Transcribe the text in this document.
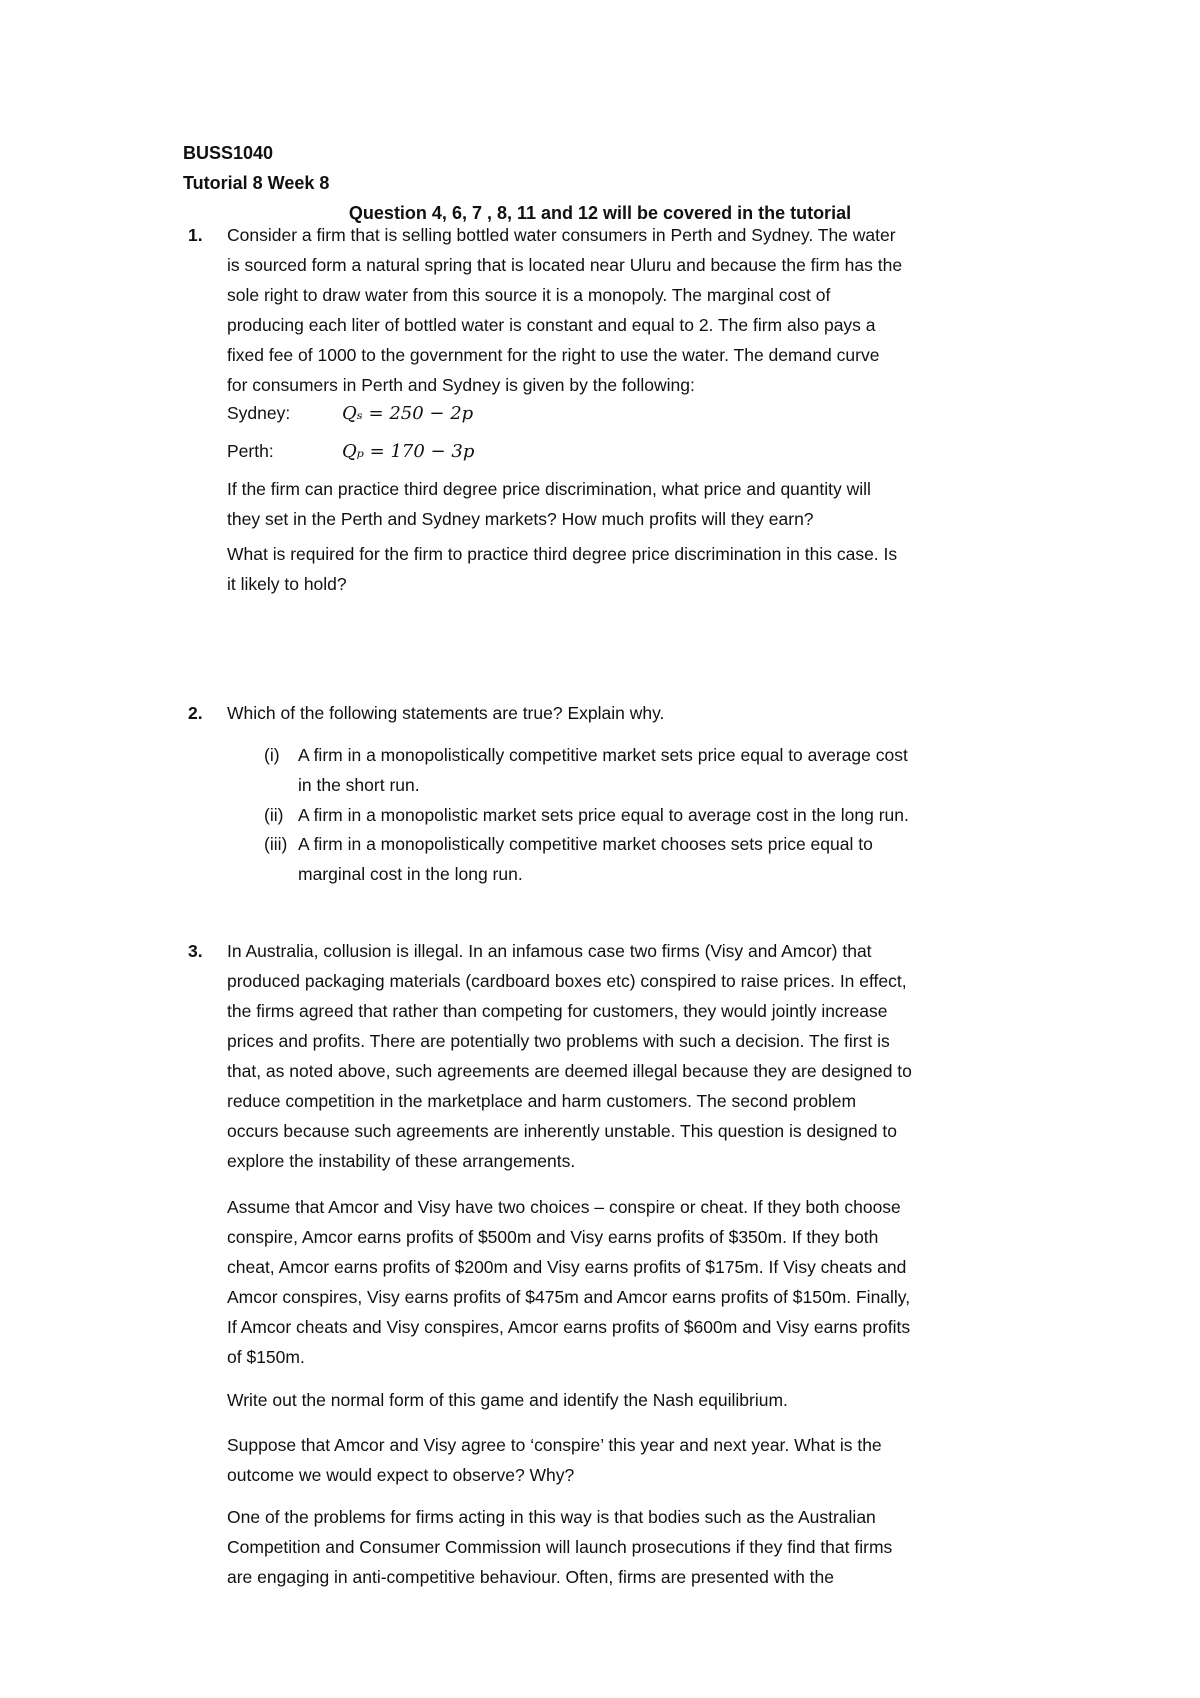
BUSS1040
Tutorial 8 Week 8
Question 4, 6, 7 , 8, 11 and 12 will be covered in the tutorial
1. Consider a firm that is selling bottled water consumers in Perth and Sydney. The water
is sourced form a natural spring that is located near Uluru and because the firm has the
sole right to draw water from this source it is a monopoly. The marginal cost of
producing each liter of bottled water is constant and equal to 2. The firm also pays a
fixed fee of 1000 to the government for the right to use the water. The demand curve
for consumers in Perth and Sydney is given by the following:
Sydney:	Qₛ = 250 − 2p
Perth:	Qₚ = 170 − 3p
If the firm can practice third degree price discrimination, what price and quantity will
they set in the Perth and Sydney markets? How much profits will they earn?
What is required for the firm to practice third degree price discrimination in this case. Is
it likely to hold?
2. Which of the following statements are true? Explain why.
(i)	A firm in a monopolistically competitive market sets price equal to average cost
in the short run.
(ii) A firm in a monopolistic market sets price equal to average cost in the long run.
(iii) A firm in a monopolistically competitive market chooses sets price equal to
marginal cost in the long run.
3. In Australia, collusion is illegal. In an infamous case two firms (Visy and Amcor) that
produced packaging materials (cardboard boxes etc) conspired to raise prices. In effect,
the firms agreed that rather than competing for customers, they would jointly increase
prices and profits. There are potentially two problems with such a decision. The first is
that, as noted above, such agreements are deemed illegal because they are designed to
reduce competition in the marketplace and harm customers. The second problem
occurs because such agreements are inherently unstable. This question is designed to
explore the instability of these arrangements.
Assume that Amcor and Visy have two choices – conspire or cheat. If they both choose
conspire, Amcor earns profits of $500m and Visy earns profits of $350m. If they both
cheat, Amcor earns profits of $200m and Visy earns profits of $175m. If Visy cheats and
Amcor conspires, Visy earns profits of $475m and Amcor earns profits of $150m. Finally,
If Amcor cheats and Visy conspires, Amcor earns profits of $600m and Visy earns profits
of $150m.
Write out the normal form of this game and identify the Nash equilibrium.
Suppose that Amcor and Visy agree to ‘conspire’ this year and next year. What is the
outcome we would expect to observe? Why?
One of the problems for firms acting in this way is that bodies such as the Australian
Competition and Consumer Commission will launch prosecutions if they find that firms
are engaging in anti-competitive behaviour. Often, firms are presented with the
